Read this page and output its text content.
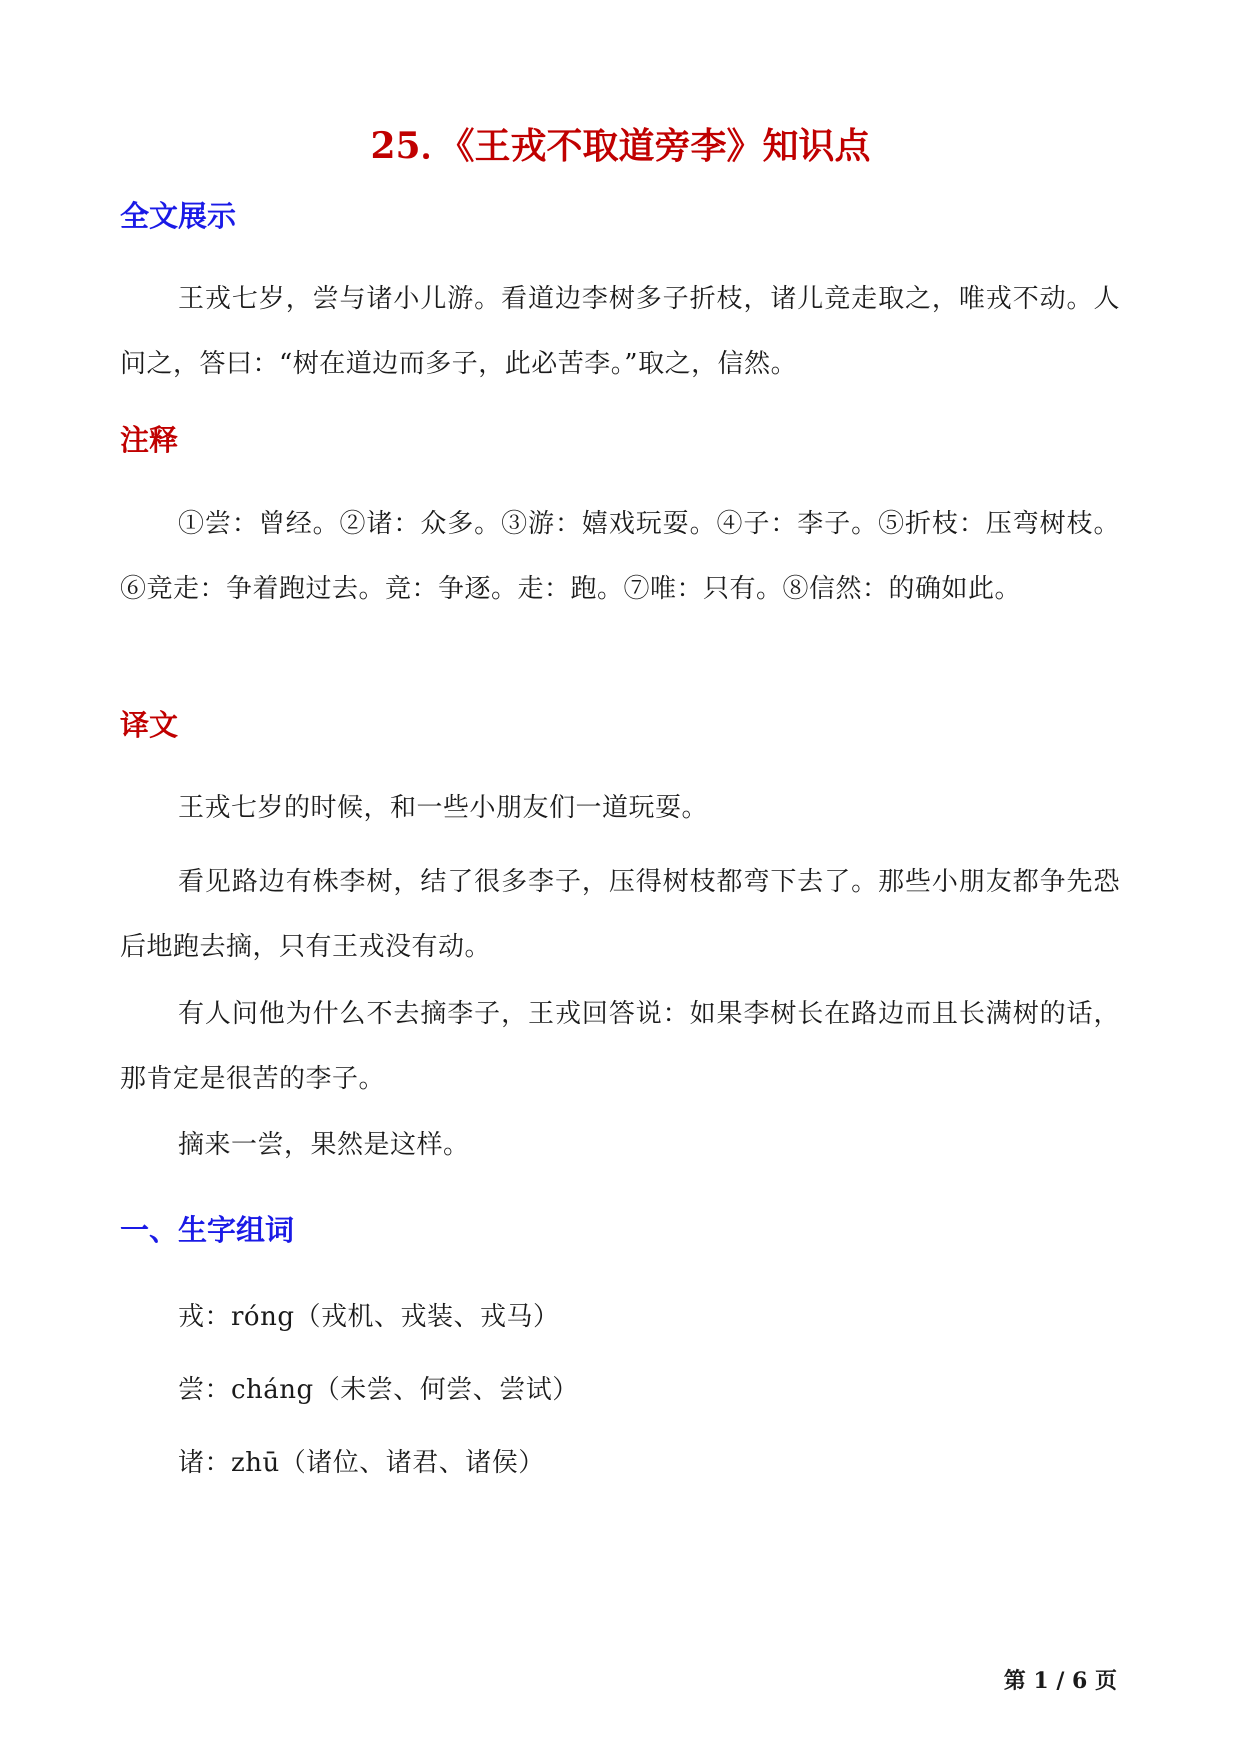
25．《王戎不取道旁李》知识点
全文展示

王戎七岁，尝与诸小儿游。看道边李树多子折枝，诸儿竞走取之，唯戎不动。人问之，答曰：“树在道边而多子，此必苦李。”取之，信然。

注释

①尝：曾经。②诸：众多。③游：嬉戏玩耍。④子：李子。⑤折枝：压弯树枝。⑥竞走：争着跑过去。竞：争逐。走：跑。⑦唯：只有。⑧信然：的确如此。

译文

王戎七岁的时候，和一些小朋友们一道玩耍。

看见路边有株李树，结了很多李子，压得树枝都弯下去了。那些小朋友都争先恐后地跑去摘，只有王戎没有动。

有人问他为什么不去摘李子，王戎回答说：如果李树长在路边而且长满树的话，那肯定是很苦的李子。

摘来一尝，果然是这样。

一、生字组词

戎：róng（戎机、戎装、戎马）

尝：cháng（未尝、何尝、尝试）

诸：zhū（诸位、诸君、诸侯）

第 1 / 6 页
